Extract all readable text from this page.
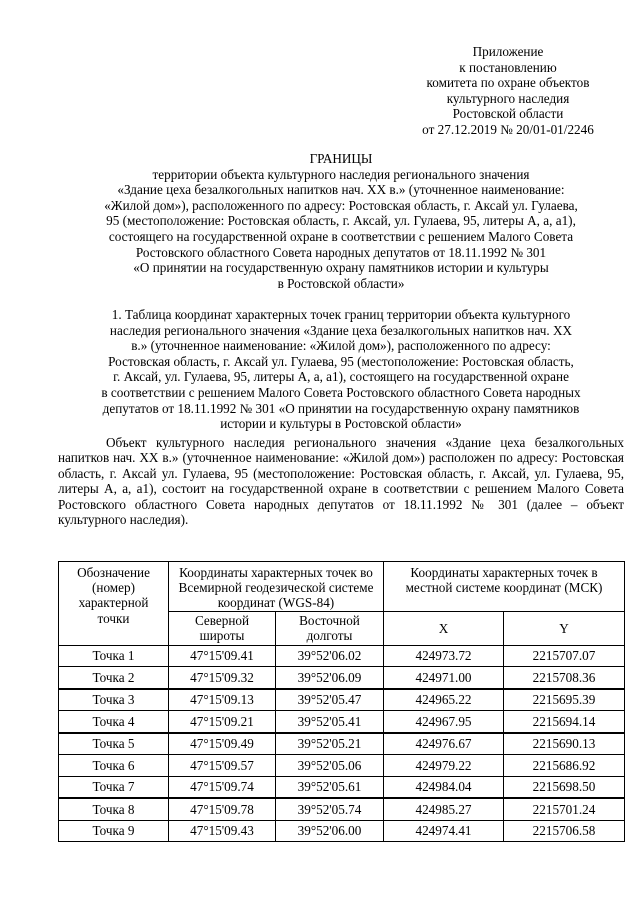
Приложение
к постановлению
комитета по охране объектов
культурного наследия
Ростовской области
от 27.12.2019 № 20/01-01/2246
ГРАНИЦЫ
территории объекта культурного наследия регионального значения
«Здание цеха безалкогольных напитков нач. XX в.» (уточненное наименование:
«Жилой дом»), расположенного по адресу: Ростовская область, г. Аксай ул. Гулаева,
95 (местоположение: Ростовская область, г. Аксай, ул. Гулаева, 95, литеры А, а, а1),
состоящего на государственной охране в соответствии с решением Малого Совета
Ростовского областного Совета народных депутатов от 18.11.1992 № 301
«О принятии на государственную охрану памятников истории и культуры
в Ростовской области»
1. Таблица координат характерных точек границ территории объекта культурного
наследия регионального значения «Здание цеха безалкогольных напитков нач. XX
в.» (уточненное наименование: «Жилой дом»), расположенного по адресу:
Ростовская область, г. Аксай ул. Гулаева, 95 (местоположение: Ростовская область,
г. Аксай, ул. Гулаева, 95, литеры А, а, а1), состоящего на государственной охране
в соответствии с решением Малого Совета Ростовского областного Совета народных
депутатов от 18.11.1992 № 301 «О принятии на государственную охрану памятников
истории и культуры в Ростовской области»
Объект культурного наследия регионального значения «Здание цеха безалкогольных напитков нач. XX в.» (уточненное наименование: «Жилой дом») расположен по адресу: Ростовская область, г. Аксай ул. Гулаева, 95 (местоположение: Ростовская область, г. Аксай, ул. Гулаева, 95, литеры А, а, а1), состоит на государственной охране в соответствии с решением Малого Совета Ростовского областного Совета народных депутатов от 18.11.1992 № 301 (далее – объект культурного наследия).
Обозначение (номер) характерной точки	Координаты характерных точек во Всемирной геодезической системе координат (WGS-84)		Координаты характерных точек в местной системе координат (МСК)	
	Северной широты	Восточной долготы	X	Y
Точка 1	47°15'09.41	39°52'06.02	424973.72	2215707.07
Точка 2	47°15'09.32	39°52'06.09	424971.00	2215708.36
Точка 3	47°15'09.13	39°52'05.47	424965.22	2215695.39
Точка 4	47°15'09.21	39°52'05.41	424967.95	2215694.14
Точка 5	47°15'09.49	39°52'05.21	424976.67	2215690.13
Точка 6	47°15'09.57	39°52'05.06	424979.22	2215686.92
Точка 7	47°15'09.74	39°52'05.61	424984.04	2215698.50
Точка 8	47°15'09.78	39°52'05.74	424985.27	2215701.24
Точка 9	47°15'09.43	39°52'06.00	424974.41	2215706.58
